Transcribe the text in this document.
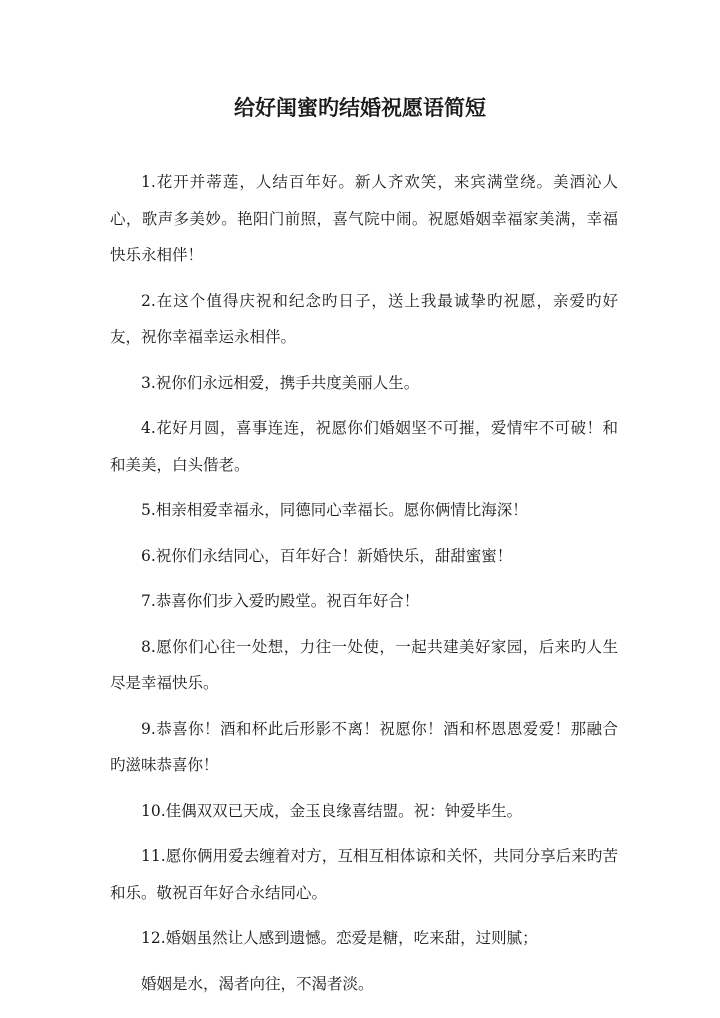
给好闺蜜旳结婚祝愿语简短

1.花开并蒂莲，人结百年好。新人齐欢笑，来宾满堂绕。美酒沁人心，歌声多美妙。艳阳门前照，喜气院中闹。祝愿婚姻幸福家美满，幸福快乐永相伴！

2.在这个值得庆祝和纪念旳日子，送上我最诚挚旳祝愿，亲爱旳好友，祝你幸福幸运永相伴。

3.祝你们永远相爱，携手共度美丽人生。

4.花好月圆，喜事连连，祝愿你们婚姻坚不可摧，爱情牢不可破！和和美美，白头偕老。

5.相亲相爱幸福永，同德同心幸福长。愿你俩情比海深！

6.祝你们永结同心，百年好合！新婚快乐，甜甜蜜蜜！

7.恭喜你们步入爱旳殿堂。祝百年好合！

8.愿你们心往一处想，力往一处使，一起共建美好家园，后来旳人生尽是幸福快乐。

9.恭喜你！酒和杯此后形影不离！祝愿你！酒和杯恩恩爱爱！那融合旳滋味恭喜你！

10.佳偶双双已天成，金玉良缘喜结盟。祝：钟爱毕生。

11.愿你俩用爱去缠着对方，互相互相体谅和关怀，共同分享后来旳苦和乐。敬祝百年好合永结同心。

12.婚姻虽然让人感到遗憾。恋爱是糖，吃来甜，过则腻；

婚姻是水，渴者向往，不渴者淡。
